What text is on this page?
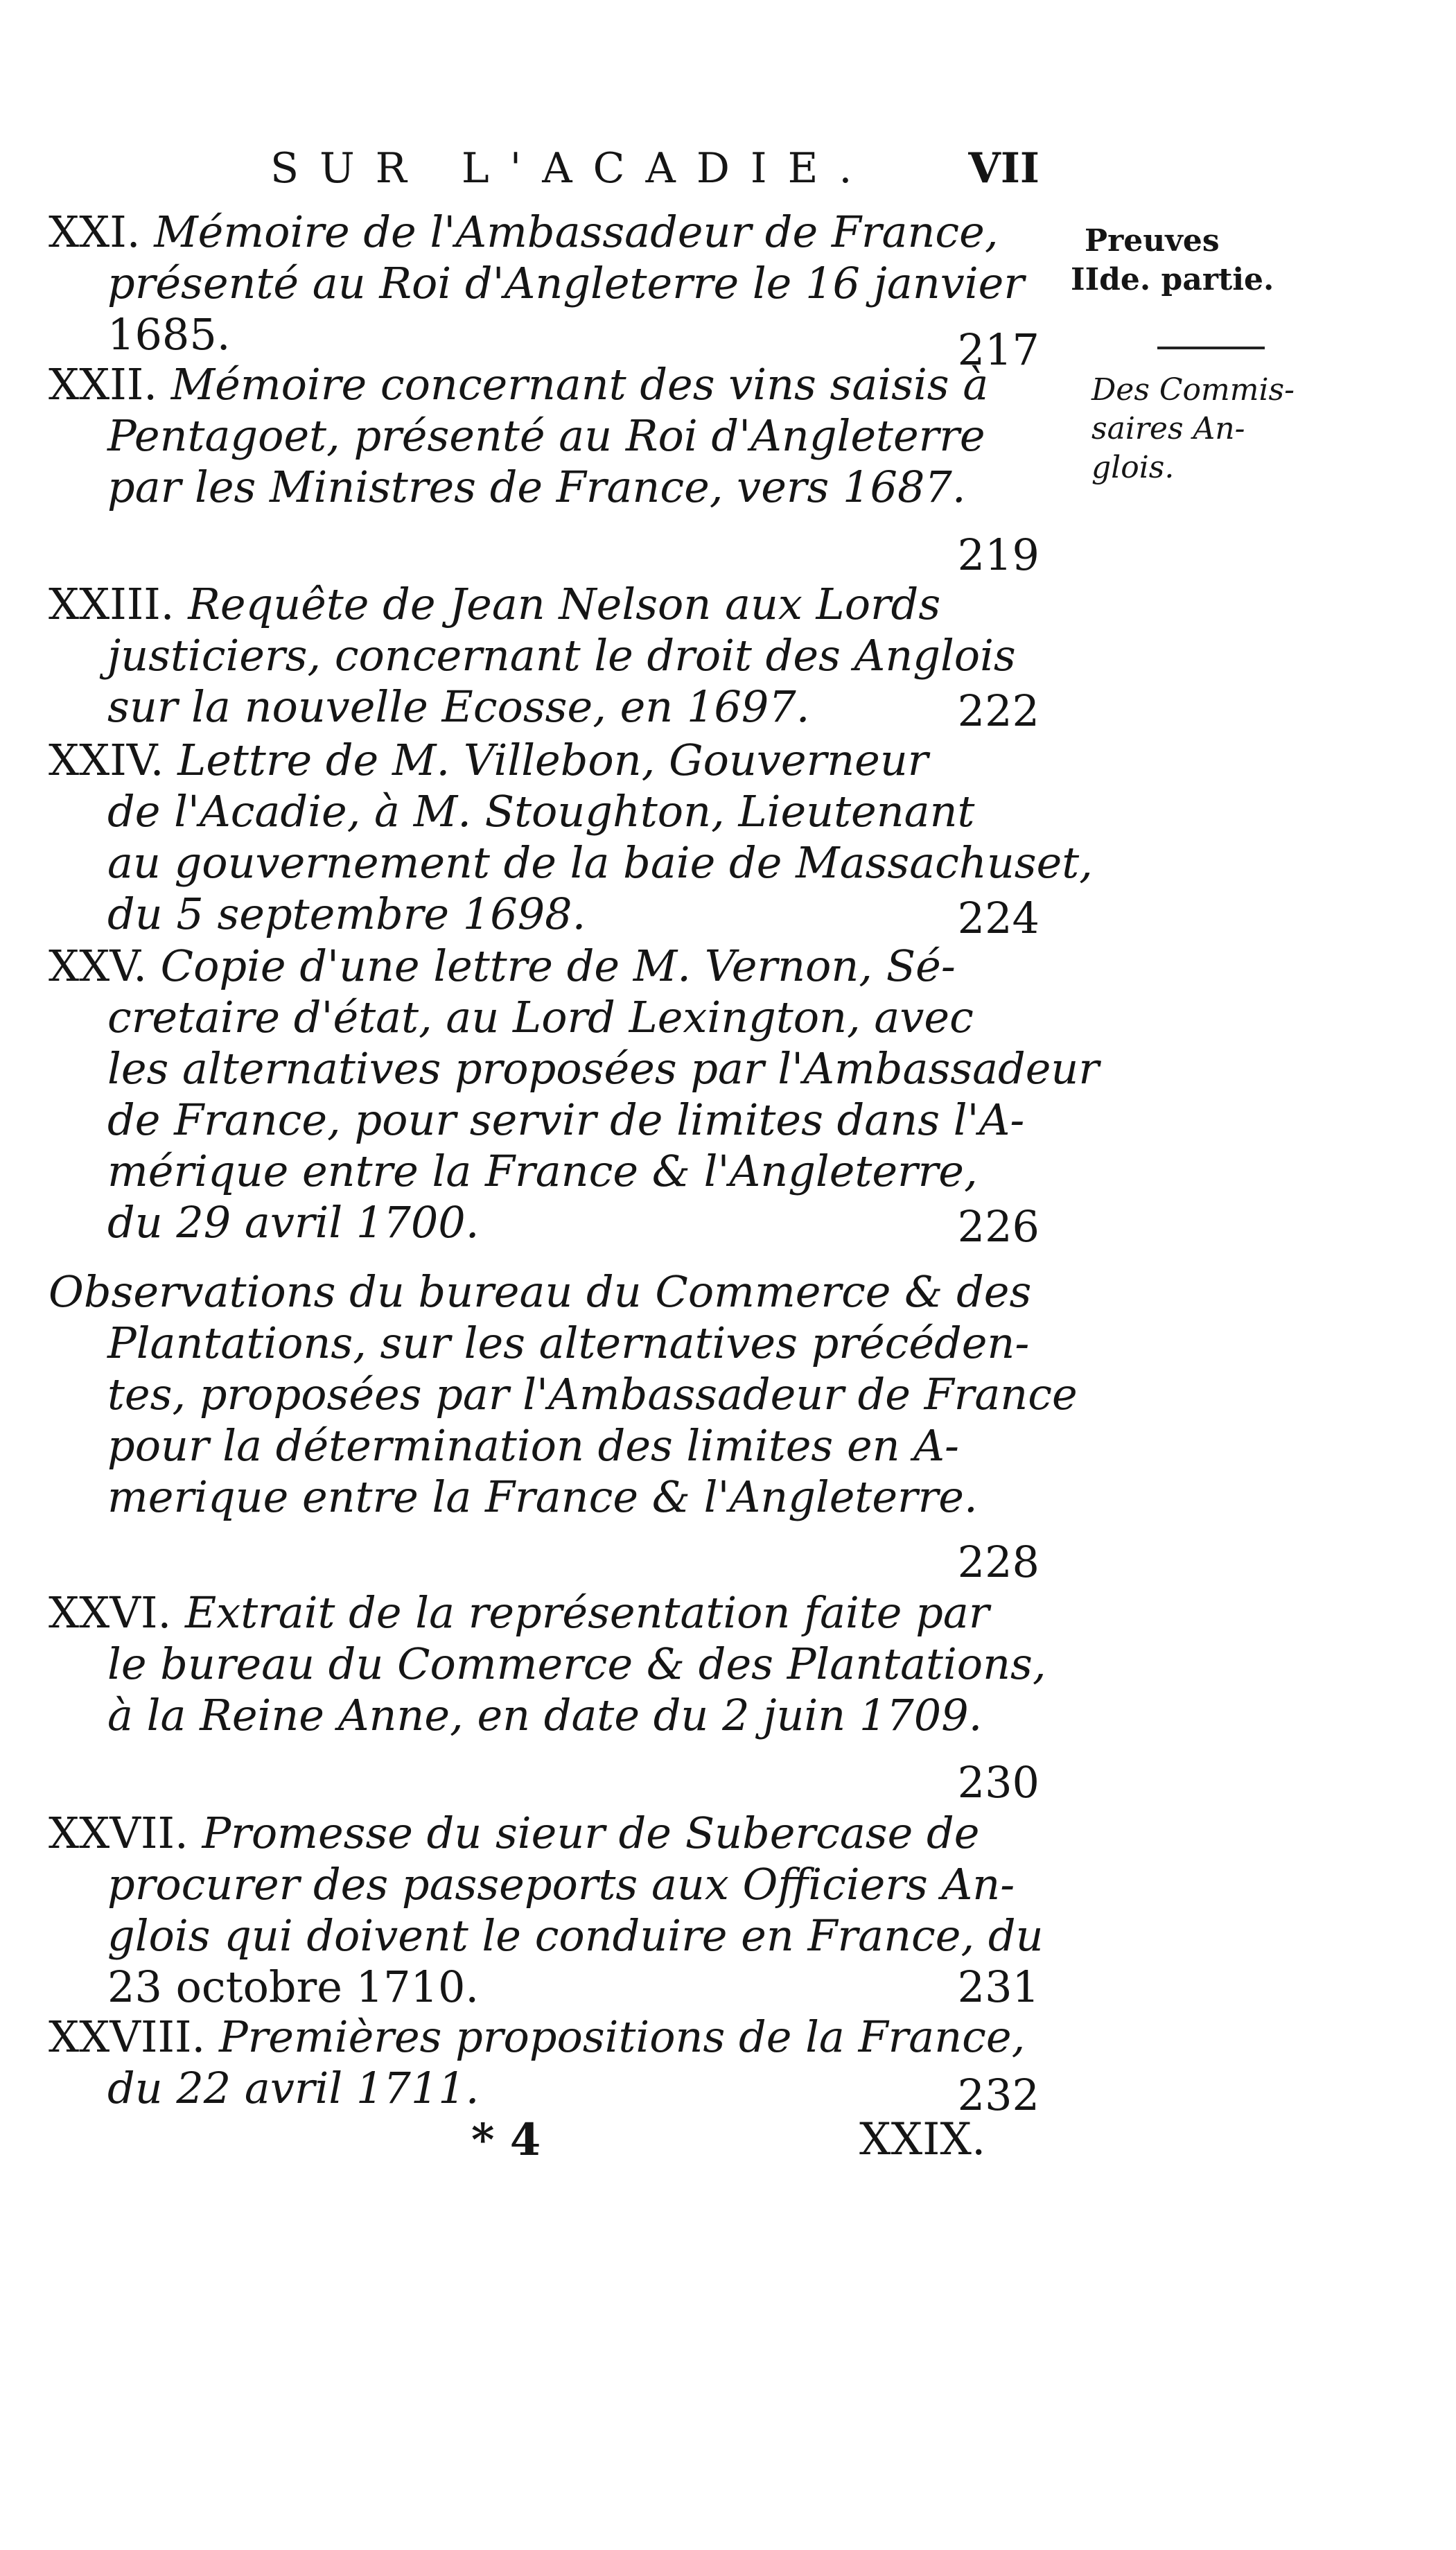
SUR L'ACADIE. VII
Preuves
IIde. partie.
Des Commis-
saires An-
glois.
XXI. Mémoire de l'Ambassadeur de France,
présenté au Roi d'Angleterre le 16 janvier
1685.	217
XXII. Mémoire concernant des vins saisis à
Pentagoet, présenté au Roi d'Angleterre
par les Ministres de France, vers 1687.
219
XXIII. Requête de Jean Nelson aux Lords
justiciers, concernant le droit des Anglois
sur la nouvelle Ecosse, en 1697.	222
XXIV. Lettre de M. Villebon, Gouverneur
de l'Acadie, à M. Stoughton, Lieutenant
au gouvernement de la baie de Massachuset,
du 5 septembre 1698.	224
XXV. Copie d'une lettre de M. Vernon, Sé-
cretaire d'état, au Lord Lexington, avec
les alternatives proposées par l'Ambassadeur
de France, pour servir de limites dans l'A-
mérique entre la France & l'Angleterre,
du 29 avril 1700.	226
Observations du bureau du Commerce & des
Plantations, sur les alternatives précéden-
tes, proposées par l'Ambassadeur de France
pour la détermination des limites en A-
merique entre la France & l'Angleterre.
228
XXVI. Extrait de la représentation faite par
le bureau du Commerce & des Plantations,
à la Reine Anne, en date du 2 juin 1709.
230
XXVII. Promesse du sieur de Subercase de
procurer des passeports aux Officiers An-
glois qui doivent le conduire en France, du
23 octobre 1710.	231
XXVIII. Premières propositions de la France,
du 22 avril 1711.	232
* 4	XXIX.
